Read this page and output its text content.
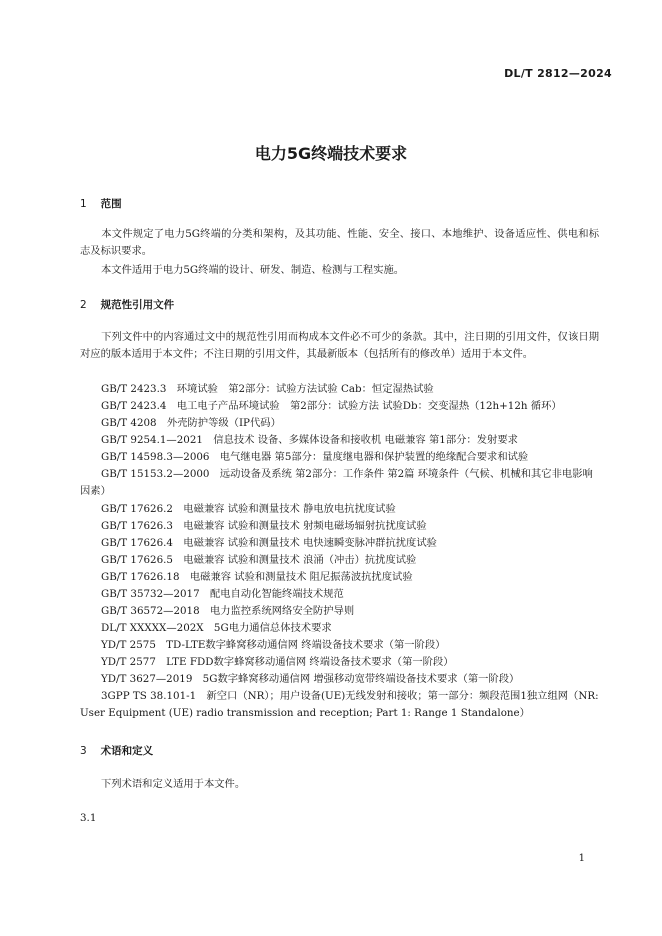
DL/T 2812—2024
电力5G终端技术要求
1 范围
本文件规定了电力5G终端的分类和架构，及其功能、性能、安全、接口、本地维护、设备适应性、供电和标志及标识要求。
本文件适用于电力5G终端的设计、研发、制造、检测与工程实施。
2 规范性引用文件
下列文件中的内容通过文中的规范性引用而构成本文件必不可少的条款。其中，注日期的引用文件，仅该日期对应的版本适用于本文件；不注日期的引用文件，其最新版本（包括所有的修改单）适用于本文件。
GB/T 2423.3　环境试验　第2部分：试验方法试验 Cab：恒定湿热试验
GB/T 2423.4　电工电子产品环境试验　第2部分：试验方法 试验Db：交变湿热（12h+12h 循环）
GB/T 4208　外壳防护等级（IP代码）
GB/T 9254.1—2021　信息技术 设备、多媒体设备和接收机 电磁兼容 第1部分：发射要求
GB/T 14598.3—2006　电气继电器 第5部分：量度继电器和保护装置的绝缘配合要求和试验
GB/T 15153.2—2000　远动设备及系统 第2部分：工作条件 第2篇 环境条件（气候、机械和其它非电影响因素）
GB/T 17626.2　电磁兼容 试验和测量技术 静电放电抗扰度试验
GB/T 17626.3　电磁兼容 试验和测量技术 射频电磁场辐射抗扰度试验
GB/T 17626.4　电磁兼容 试验和测量技术 电快速瞬变脉冲群抗扰度试验
GB/T 17626.5　电磁兼容 试验和测量技术 浪涌（冲击）抗扰度试验
GB/T 17626.18　电磁兼容 试验和测量技术 阻尼振荡波抗扰度试验
GB/T 35732—2017　配电自动化智能终端技术规范
GB/T 36572—2018　电力监控系统网络安全防护导则
DL/T XXXXX—202X　5G电力通信总体技术要求
YD/T 2575　TD-LTE数字蜂窝移动通信网 终端设备技术要求（第一阶段）
YD/T 2577　LTE FDD数字蜂窝移动通信网 终端设备技术要求（第一阶段）
YD/T 3627—2019　5G数字蜂窝移动通信网 增强移动宽带终端设备技术要求（第一阶段）
3GPP TS 38.101-1　新空口（NR）；用户设备(UE)无线发射和接收；第一部分：频段范围1独立组网（NR: User Equipment (UE) radio transmission and reception; Part 1: Range 1 Standalone）
3 术语和定义
下列术语和定义适用于本文件。
3.1
1
